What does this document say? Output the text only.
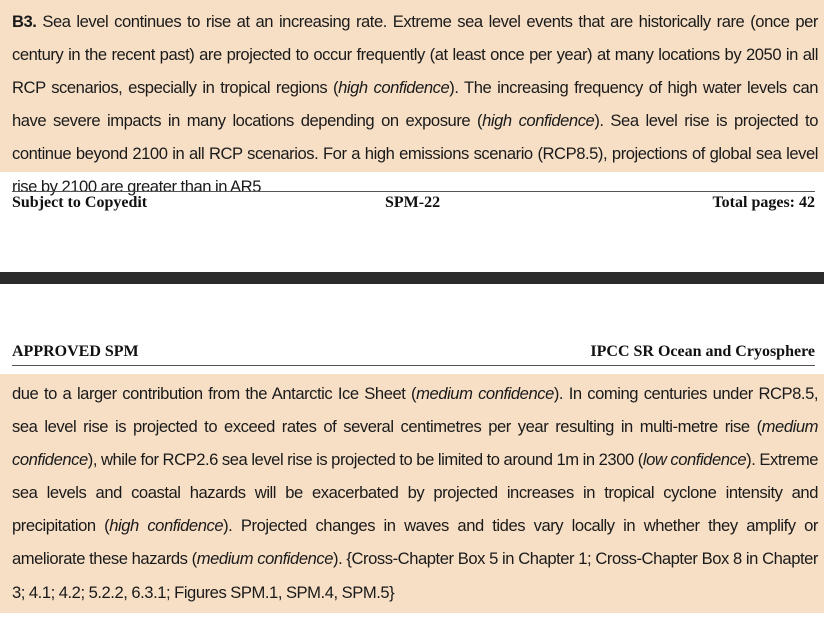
B3. Sea level continues to rise at an increasing rate. Extreme sea level events that are historically rare (once per century in the recent past) are projected to occur frequently (at least once per year) at many locations by 2050 in all RCP scenarios, especially in tropical regions (high confidence). The increasing frequency of high water levels can have severe impacts in many locations depending on exposure (high confidence). Sea level rise is projected to continue beyond 2100 in all RCP scenarios. For a high emissions scenario (RCP8.5), projections of global sea level rise by 2100 are greater than in AR5

Subject to Copyedit	SPM-22	Total pages: 42
APPROVED SPM	IPCC SR Ocean and Cryosphere

due to a larger contribution from the Antarctic Ice Sheet (medium confidence). In coming centuries under RCP8.5, sea level rise is projected to exceed rates of several centimetres per year resulting in multi-metre rise (medium confidence), while for RCP2.6 sea level rise is projected to be limited to around 1m in 2300 (low confidence). Extreme sea levels and coastal hazards will be exacerbated by projected increases in tropical cyclone intensity and precipitation (high confidence). Projected changes in waves and tides vary locally in whether they amplify or ameliorate these hazards (medium confidence). {Cross-Chapter Box 5 in Chapter 1; Cross-Chapter Box 8 in Chapter 3; 4.1; 4.2; 5.2.2, 6.3.1; Figures SPM.1, SPM.4, SPM.5}
